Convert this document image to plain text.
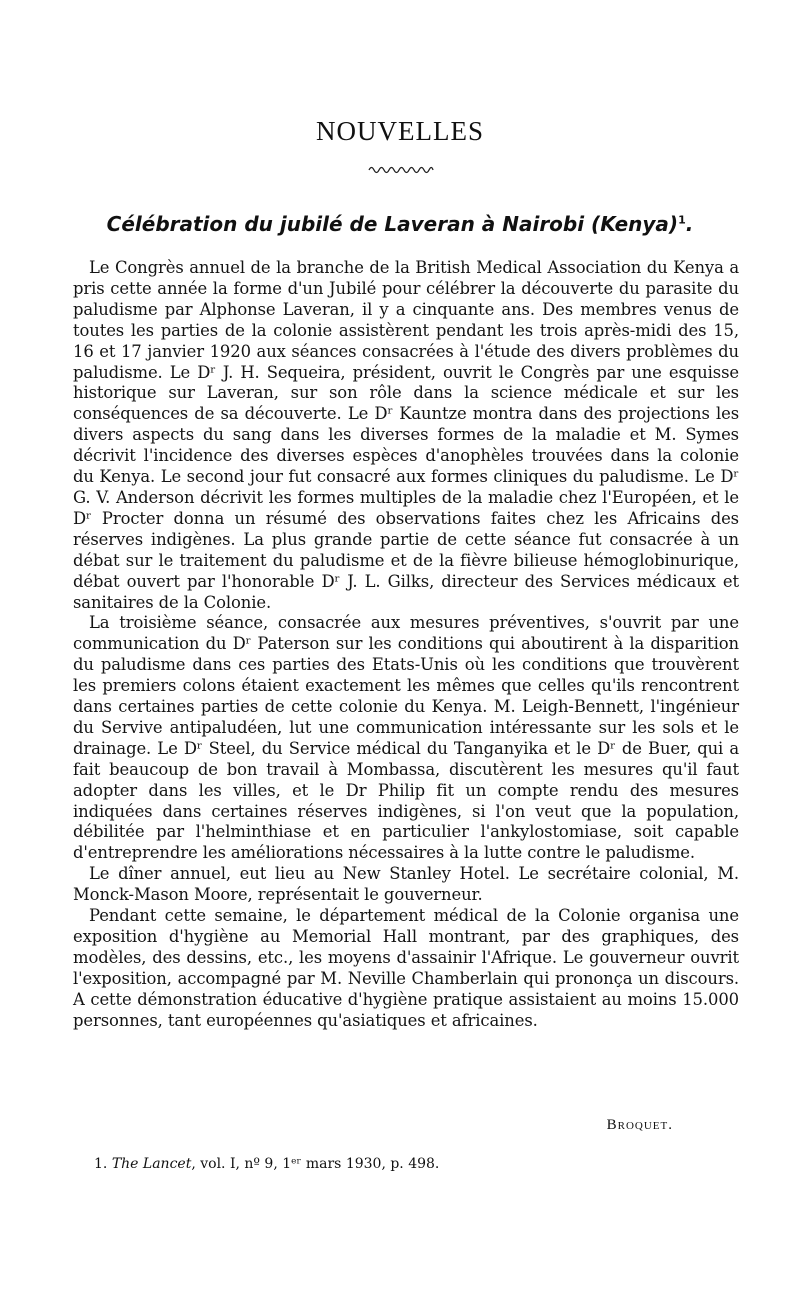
NOUVELLES
Célébration du jubilé de Laveran à Nairobi (Kenya)$^1$.

Le Congrès annuel de la branche de la British Medical Association du Kenya a pris cette année la forme d'un Jubilé pour célébrer la découverte du parasite du paludisme par Alphonse Laveran, il y a cinquante ans. Des membres venus de toutes les parties de la colonie assistèrent pendant les trois après-midi des 15, 16 et 17 janvier 1920 aux séances consacrées à l'étude des divers problèmes du paludisme. Le Dʳ J. H. Sequeira, président, ouvrit le Congrès par une esquisse historique sur Laveran, sur son rôle dans la science médicale et sur les conséquences de sa découverte. Le Dʳ Kauntze montra dans des projections les divers aspects du sang dans les diverses formes de la maladie et M. Symes décrivit l'incidence des diverses espèces d'anophèles trouvées dans la colonie du Kenya. Le second jour fut consacré aux formes cliniques du paludisme. Le Dʳ G. V. Anderson décrivit les formes multiples de la maladie chez l'Européen, et le Dʳ Procter donna un résumé des observations faites chez les Africains des réserves indigènes. La plus grande partie de cette séance fut consacrée à un débat sur le traitement du paludisme et de la fièvre bilieuse hémoglobinurique, débat ouvert par l'honorable Dʳ J. L. Gilks, directeur des Services médicaux et sanitaires de la Colonie.

La troisième séance, consacrée aux mesures préventives, s'ouvrit par une communication du Dʳ Paterson sur les conditions qui aboutirent à la disparition du paludisme dans ces parties des Etats-Unis où les conditions que trouvèrent les premiers colons étaient exactement les mêmes que celles qu'ils rencontrent dans certaines parties de cette colonie du Kenya. M. Leigh-Bennett, l'ingénieur du Servive antipaludéen, lut une communication intéressante sur les sols et le drainage. Le Dʳ Steel, du Service médical du Tanganyika et le Dʳ de Buer, qui a fait beaucoup de bon travail à Mombassa, discutèrent les mesures qu'il faut adopter dans les villes, et le Dr Philip fit un compte rendu des mesures indiquées dans certaines réserves indigènes, si l'on veut que la population, débilitée par l'helminthiase et en particulier l'ankylostomiase, soit capable d'entreprendre les améliorations nécessaires à la lutte contre le paludisme.

Le dîner annuel, eut lieu au New Stanley Hotel. Le secrétaire colonial, M. Monck-Mason Moore, représentait le gouverneur.

Pendant cette semaine, le département médical de la Colonie organisa une exposition d'hygiène au Memorial Hall montrant, par des graphiques, des modèles, des dessins, etc., les moyens d'assainir l'Afrique. Le gouverneur ouvrit l'exposition, accompagné par M. Neville Chamberlain qui prononça un discours. A cette démonstration éducative d'hygiène pratique assistaient au moins 15.000 personnes, tant européennes qu'asiatiques et africaines.

Broquet.
1. The Lancet, vol. I, nº 9, 1ᵉʳ mars 1930, p. 498.
